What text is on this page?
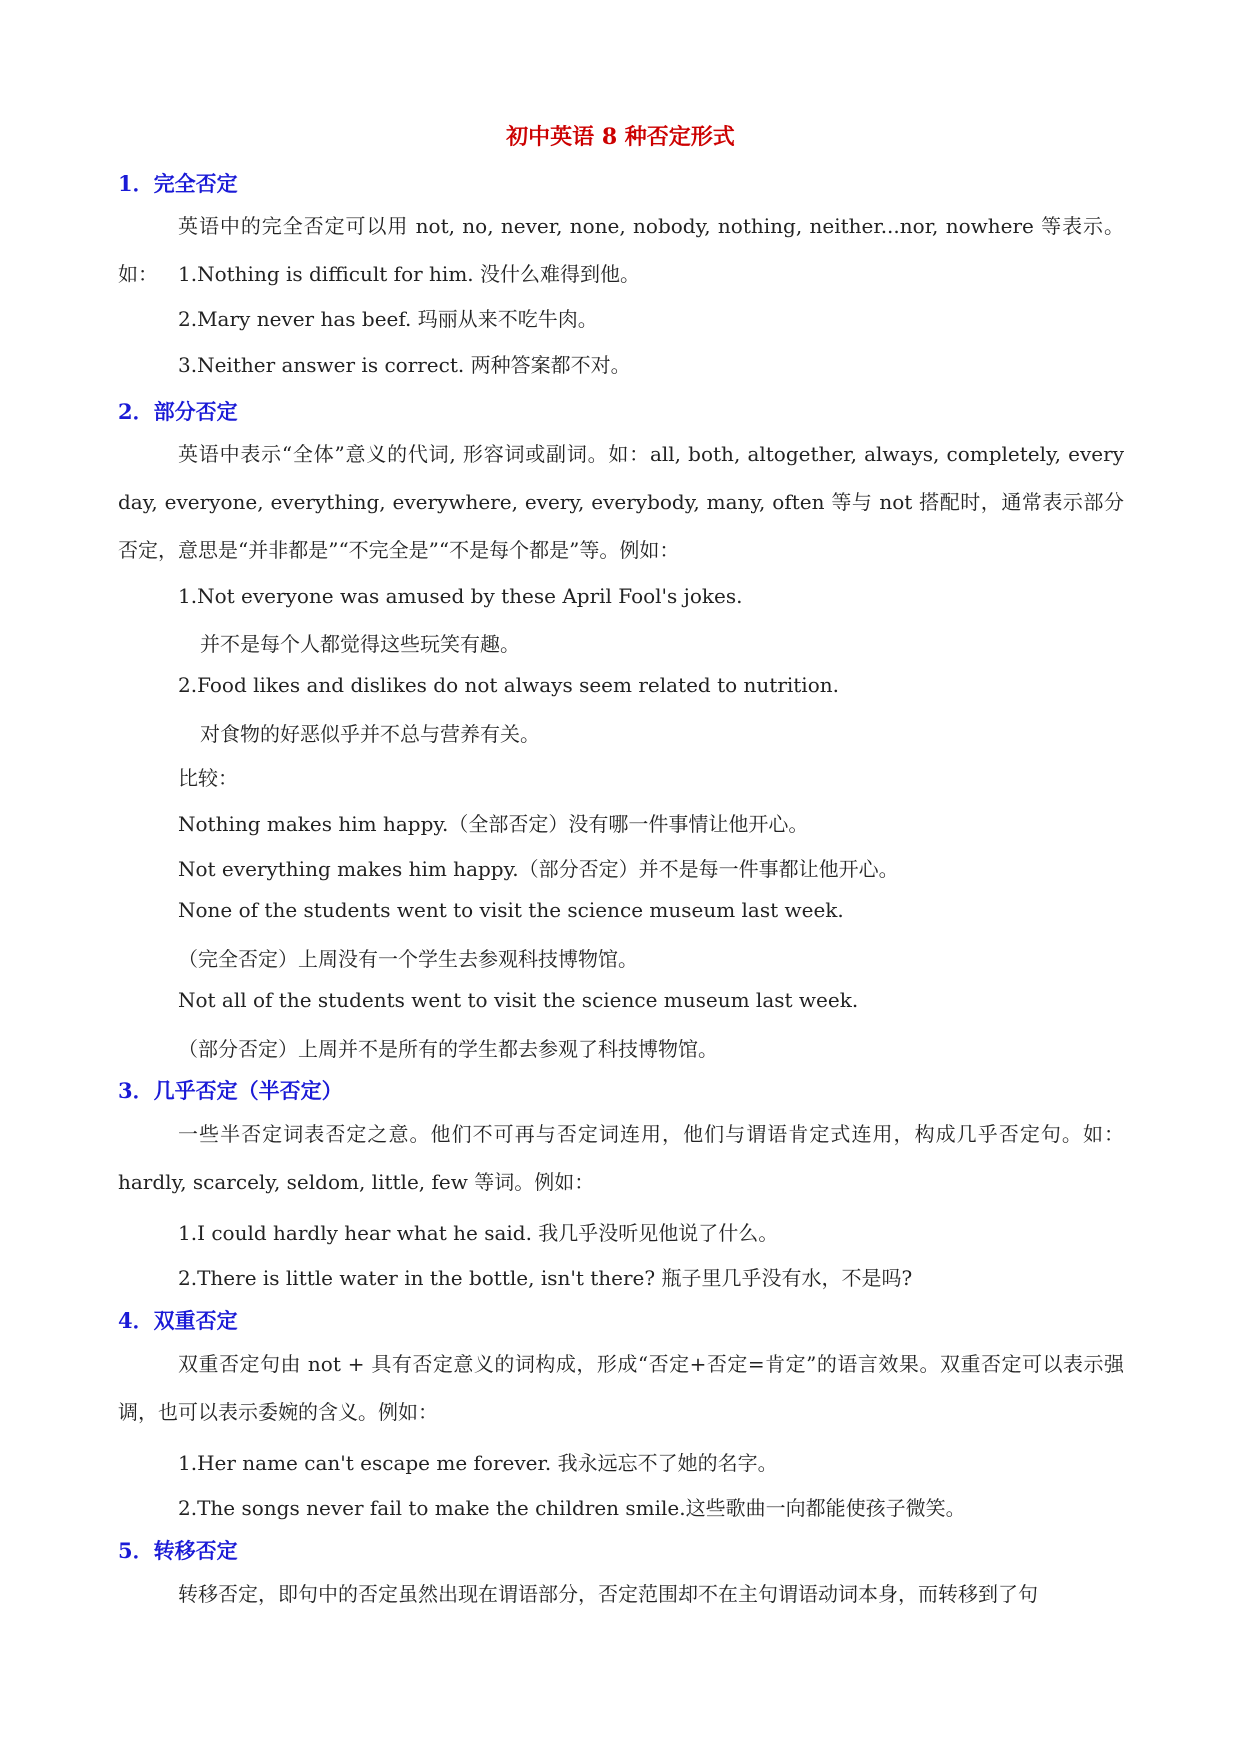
初中英语 8 种否定形式
1．完全否定
英语中的完全否定可以用 not, no, never, none, nobody, nothing, neither...nor, nowhere 等表示。如：	1.Nothing is difficult for him. 没什么难得到他。
2.Mary never has beef. 玛丽从来不吃牛肉。
3.Neither answer is correct. 两种答案都不对。
2．部分否定
英语中表示“全体”意义的代词, 形容词或副词。如：all, both, altogether, always, completely, every day, everyone, everything, everywhere, every, everybody, many, often 等与 not 搭配时，通常表示部分否定，意思是“并非都是”“不完全是”“不是每个都是”等。例如：
1.Not everyone was amused by these April Fool's jokes.
并不是每个人都觉得这些玩笑有趣。
2.Food likes and dislikes do not always seem related to nutrition.
对食物的好恶似乎并不总与营养有关。
比较：
Nothing makes him happy.（全部否定）没有哪一件事情让他开心。
Not everything makes him happy.（部分否定）并不是每一件事都让他开心。
None of the students went to visit the science museum last week.
（完全否定）上周没有一个学生去参观科技博物馆。
Not all of the students went to visit the science museum last week.
（部分否定）上周并不是所有的学生都去参观了科技博物馆。
3．几乎否定（半否定）
一些半否定词表否定之意。他们不可再与否定词连用，他们与谓语肯定式连用，构成几乎否定句。如：hardly, scarcely, seldom, little, few 等词。例如：
1.I could hardly hear what he said. 我几乎没听见他说了什么。
2.There is little water in the bottle, isn't there? 瓶子里几乎没有水，不是吗?
4．双重否定
双重否定句由 not + 具有否定意义的词构成，形成“否定+否定=肯定”的语言效果。双重否定可以表示强调，也可以表示委婉的含义。例如：
1.Her name can't escape me forever. 我永远忘不了她的名字。
2.The songs never fail to make the children smile.这些歌曲一向都能使孩子微笑。
5．转移否定
转移否定，即句中的否定虽然出现在谓语部分，否定范围却不在主句谓语动词本身，而转移到了句
